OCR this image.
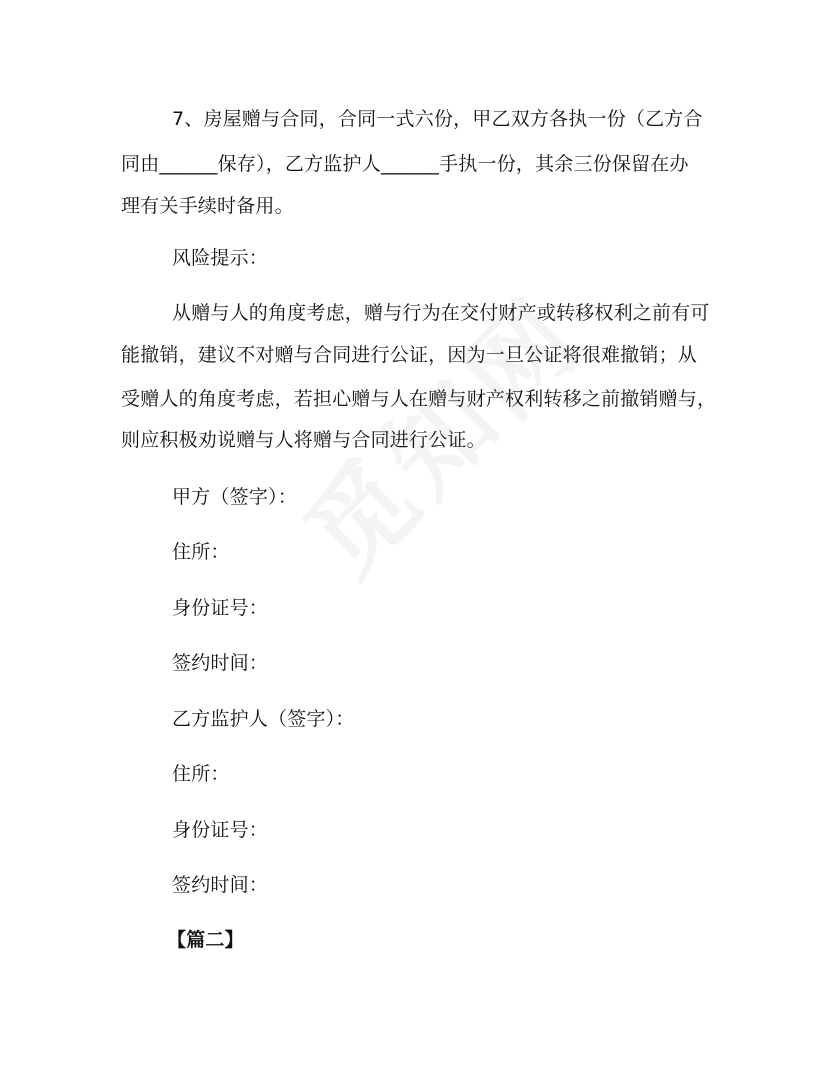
7、房屋赠与合同，合同一式六份，甲乙双方各执一份（乙方合
同由______保存），乙方监护人______手执一份，其余三份保留在办
理有关手续时备用。
风险提示：
从赠与人的角度考虑，赠与行为在交付财产或转移权利之前有可
能撤销，建议不对赠与合同进行公证，因为一旦公证将很难撤销；从
受赠人的角度考虑，若担心赠与人在赠与财产权利转移之前撤销赠与，
则应积极劝说赠与人将赠与合同进行公证。
甲方（签字）：
住所：
身份证号：
签约时间：
乙方监护人（签字）：
住所：
身份证号：
签约时间：
【篇二】
